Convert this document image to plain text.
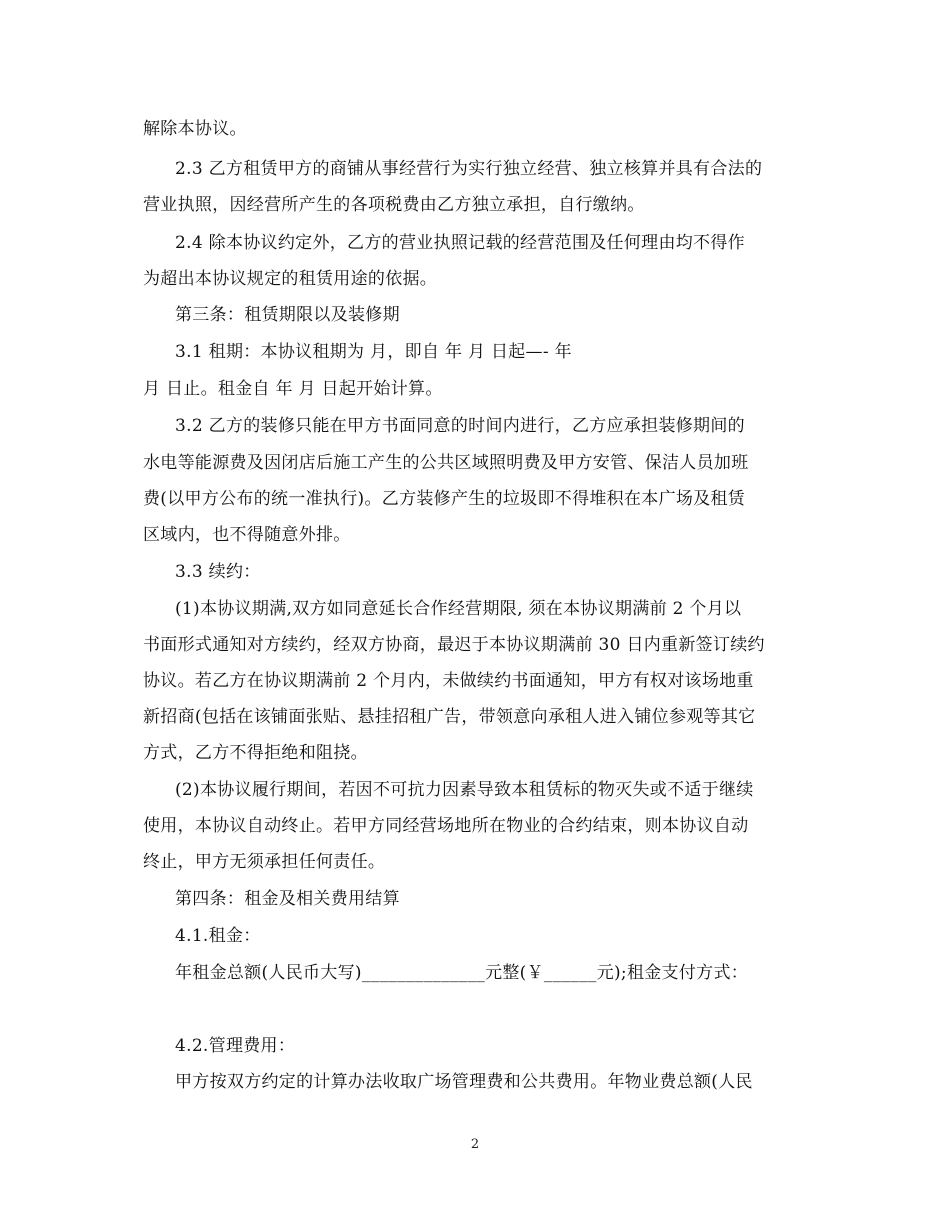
解除本协议。
2.3 乙方租赁甲方的商铺从事经营行为实行独立经营、独立核算并具有合法的
营业执照，因经营所产生的各项税费由乙方独立承担，自行缴纳。
2.4 除本协议约定外，乙方的营业执照记载的经营范围及任何理由均不得作
为超出本协议规定的租赁用途的依据。
第三条：租赁期限以及装修期
3.1 租期：本协议租期为 月，即自 年 月 日起—- 年
月 日止。租金自 年 月 日起开始计算。
3.2 乙方的装修只能在甲方书面同意的时间内进行，乙方应承担装修期间的
水电等能源费及因闭店后施工产生的公共区域照明费及甲方安管、保洁人员加班
费(以甲方公布的统一准执行)。乙方装修产生的垃圾即不得堆积在本广场及租赁
区域内，也不得随意外排。
3.3 续约：
(1)本协议期满,双方如同意延长合作经营期限, 须在本协议期满前 2 个月以
书面形式通知对方续约，经双方协商，最迟于本协议期满前 30 日内重新签订续约
协议。若乙方在协议期满前 2 个月内，未做续约书面通知，甲方有权对该场地重
新招商(包括在该铺面张贴、悬挂招租广告，带领意向承租人进入铺位参观等其它
方式，乙方不得拒绝和阻挠。
(2)本协议履行期间，若因不可抗力因素导致本租赁标的物灭失或不适于继续
使用，本协议自动终止。若甲方同经营场地所在物业的合约结束，则本协议自动
终止，甲方无须承担任何责任。
第四条：租金及相关费用结算
4.1.租金：
年租金总额(人民币大写)______________元整(￥______元);租金支付方式：
4.2.管理费用：
甲方按双方约定的计算办法收取广场管理费和公共费用。年物业费总额(人民
2
